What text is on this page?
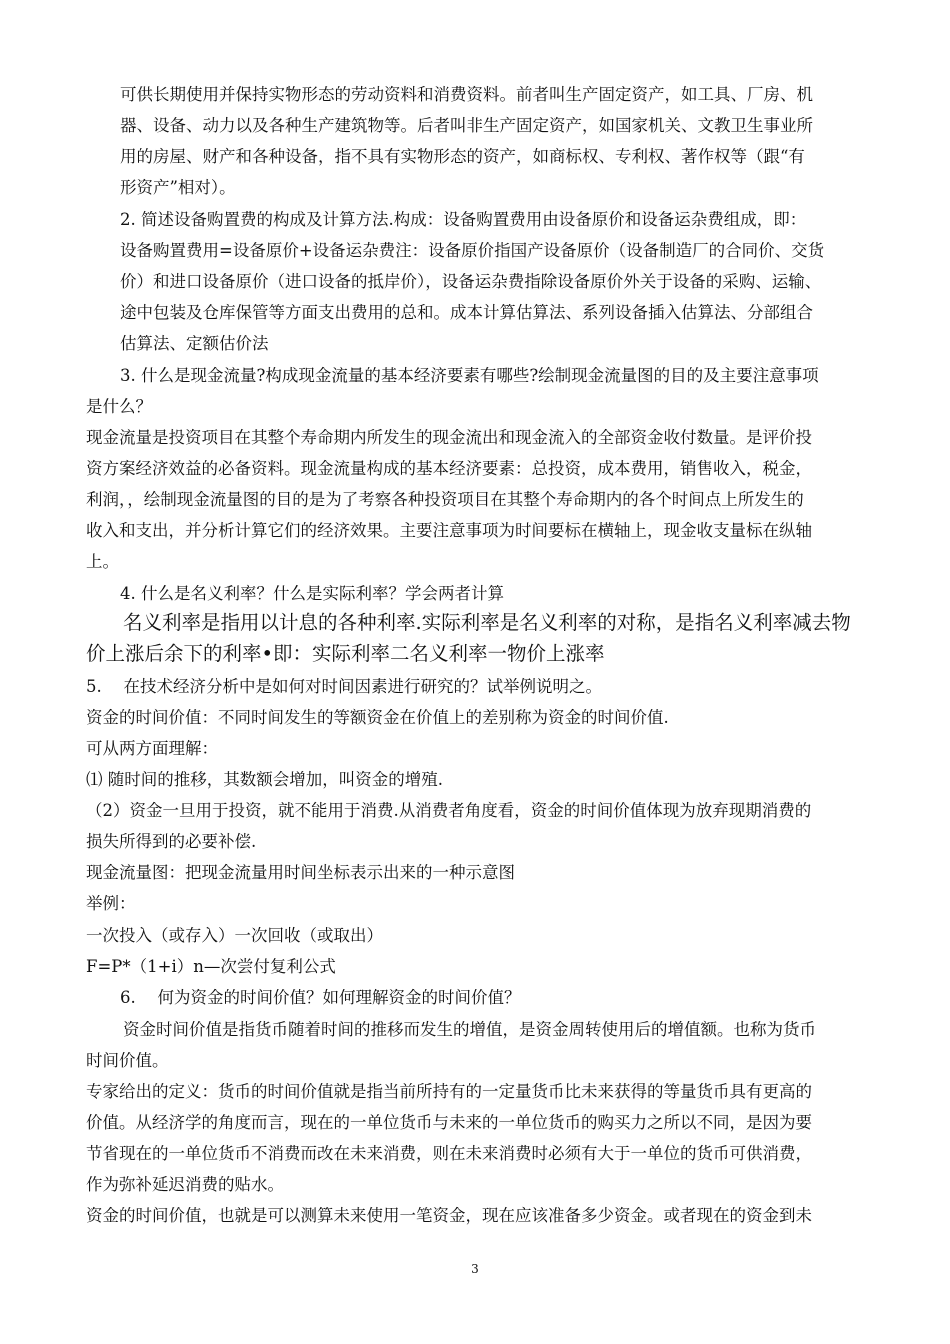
可供长期使用并保持实物形态的劳动资料和消费资料。前者叫生产固定资产，如工具、厂房、机
器、设备、动力以及各种生产建筑物等。后者叫非生产固定资产，如国家机关、文教卫生事业所
用的房屋、财产和各种设备，指不具有实物形态的资产，如商标权、专利权、著作权等（跟“有
形资产”相对）。
2. 简述设备购置费的构成及计算方法.构成：设备购置费用由设备原价和设备运杂费组成，即：
设备购置费用=设备原价+设备运杂费注：设备原价指国产设备原价（设备制造厂的合同价、交货
价）和进口设备原价（进口设备的抵岸价），设备运杂费指除设备原价外关于设备的采购、运输、
途中包装及仓库保管等方面支出费用的总和。成本计算估算法、系列设备插入估算法、分部组合
估算法、定额估价法
3. 什么是现金流量?构成现金流量的基本经济要素有哪些?绘制现金流量图的目的及主要注意事项
是什么？
现金流量是投资项目在其整个寿命期内所发生的现金流出和现金流入的全部资金收付数量。是评价投
资方案经济效益的必备资料。现金流量构成的基本经济要素：总投资，成本费用，销售收入，税金，
利润，，绘制现金流量图的目的是为了考察各种投资项目在其整个寿命期内的各个时间点上所发生的
收入和支出，并分析计算它们的经济效果。主要注意事项为时间要标在横轴上，现金收支量标在纵轴
上。
4. 什么是名义利率？什么是实际利率？学会两者计算
名义利率是指用以计息的各种利率.实际利率是名义利率的对称，是指名义利率减去物
价上涨后余下的利率•即：实际利率二名义利率一物价上涨率
5.　 在技术经济分析中是如何对时间因素进行研究的？试举例说明之。
资金的时间价值：不同时间发生的等额资金在价值上的差别称为资金的时间价值.
可从两方面理解：
⑴ 随时间的推移，其数额会增加，叫资金的增殖.
（2）资金一旦用于投资，就不能用于消费.从消费者角度看，资金的时间价值体现为放弃现期消费的
损失所得到的必要补偿.
现金流量图：把现金流量用时间坐标表示出来的一种示意图
举例：
一次投入（或存入）一次回收（或取出）
F=P*（1+i）n—次尝付复利公式
6.　 何为资金的时间价值？如何理解资金的时间价值？
资金时间价值是指货币随着时间的推移而发生的增值，是资金周转使用后的增值额。也称为货币
时间价值。
专家给出的定义：货币的时间价值就是指当前所持有的一定量货币比未来获得的等量货币具有更高的
价值。从经济学的角度而言，现在的一单位货币与未来的一单位货币的购买力之所以不同，是因为要
节省现在的一单位货币不消费而改在未来消费，则在未来消费时必须有大于一单位的货币可供消费，
作为弥补延迟消费的贴水。
资金的时间价值，也就是可以测算未来使用一笔资金，现在应该准备多少资金。或者现在的资金到未
3
